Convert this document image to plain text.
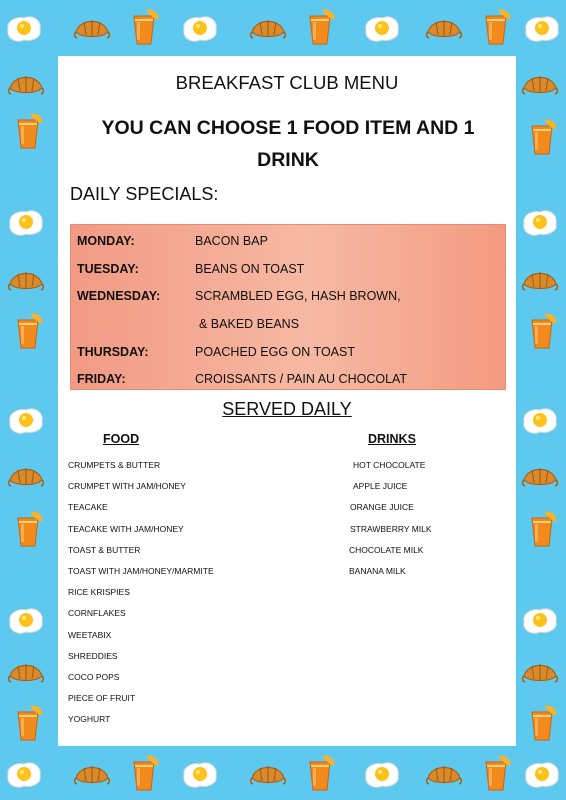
BREAKFAST CLUB MENU
YOU CAN CHOOSE 1 FOOD ITEM AND 1 DRINK
DAILY SPECIALS:
MONDAY:	BACON BAP
TUESDAY:	BEANS ON TOAST
WEDNESDAY:	SCRAMBLED EGG, HASH BROWN,
& BAKED BEANS
THURSDAY:	POACHED EGG ON TOAST
FRIDAY:	CROISSANTS / PAIN AU CHOCOLAT
SERVED DAILY
FOOD	DRINKS
CRUMPETS & BUTTER
CRUMPET WITH JAM/HONEY
TEACAKE
TEACAKE WITH JAM/HONEY
TOAST & BUTTER
TOAST WITH JAM/HONEY/MARMITE
RICE KRISPIES
CORNFLAKES
WEETABIX
SHREDDIES
COCO POPS
PIECE OF FRUIT
YOGHURT
HOT CHOCOLATE
APPLE JUICE
ORANGE JUICE
STRAWBERRY MILK
CHOCOLATE MILK
BANANA MILK
